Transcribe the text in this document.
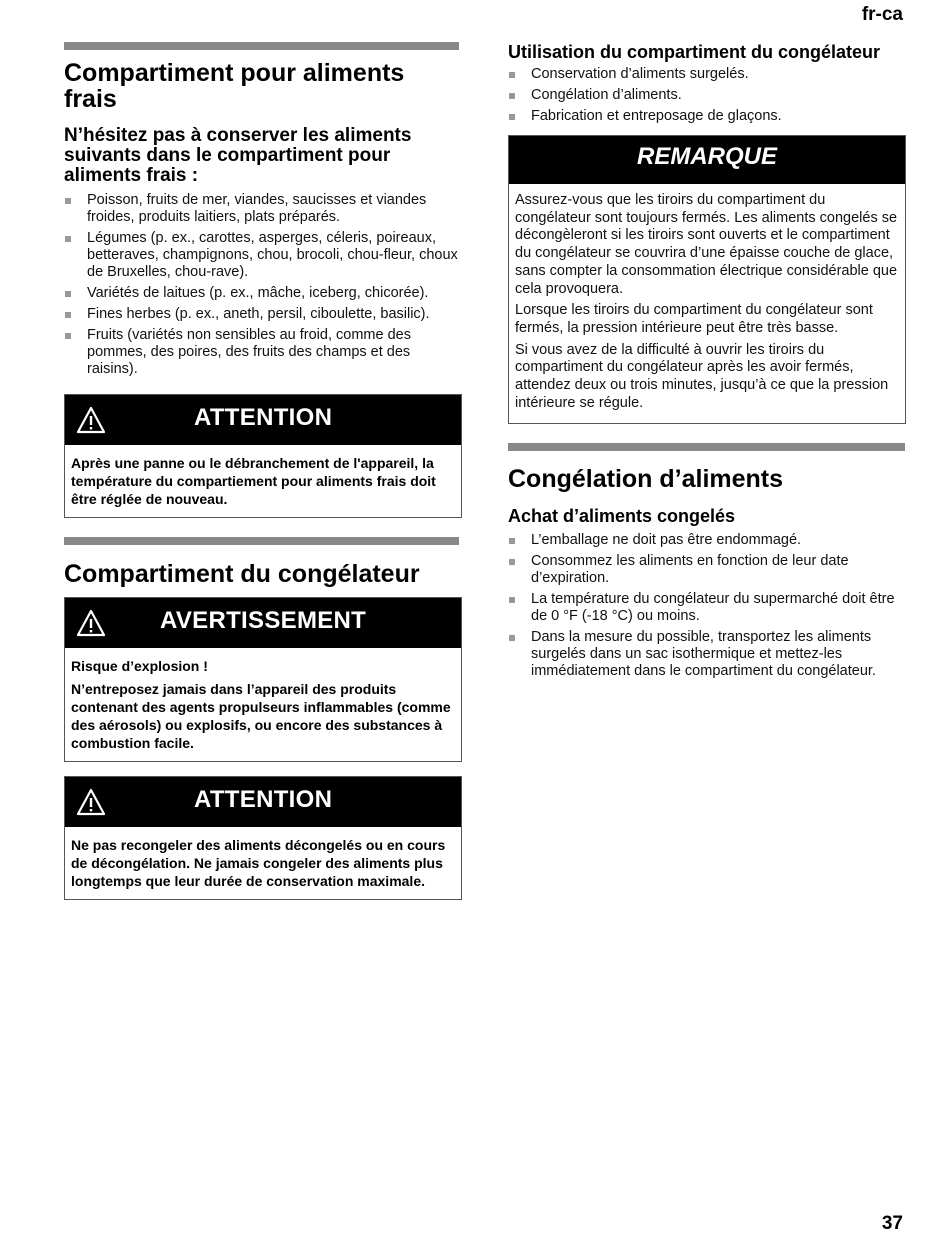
fr-ca
Compartiment pour aliments frais
N’hésitez pas à conserver les aliments suivants dans le compartiment pour aliments frais :
Poisson, fruits de mer, viandes, saucisses et viandes froides, produits laitiers, plats préparés.
Légumes (p. ex., carottes, asperges, céleris, poireaux, betteraves, champignons, chou, brocoli, chou-fleur, choux de Bruxelles, chou-rave).
Variétés de laitues (p. ex., mâche, iceberg, chicorée).
Fines herbes (p. ex., aneth, persil, ciboulette, basilic).
Fruits (variétés non sensibles au froid, comme des pommes, des poires, des fruits des champs et des raisins).
ATTENTION

Après une panne ou le débranchement de l'appareil, la température du compartiement pour aliments frais doit être réglée de nouveau.

Compartiment du congélateur
AVERTISSEMENT

Risque d’explosion !

N’entreposez jamais dans l’appareil des produits contenant des agents propulseurs inflammables (comme des aérosols) ou explosifs, ou encore des substances à combustion facile.

ATTENTION

Ne pas recongeler des aliments décongelés ou en cours de décongélation. Ne jamais congeler des aliments plus longtemps que leur durée de conservation maximale.

Utilisation du compartiment du congélateur
Conservation d’aliments surgelés.
Congélation d’aliments.
Fabrication et entreposage de glaçons.
REMARQUE

Assurez-vous que les tiroirs du compartiment du congélateur sont toujours fermés. Les aliments congelés se décongèleront si les tiroirs sont ouverts et le compartiment du congélateur se couvrira d’une épaisse couche de glace, sans compter la consommation électrique considérable que cela provoquera.

Lorsque les tiroirs du compartiment du congélateur sont fermés, la pression intérieure peut être très basse.

Si vous avez de la difficulté à ouvrir les tiroirs du compartiment du congélateur après les avoir fermés, attendez deux ou trois minutes, jusqu’à ce que la pression intérieure se régule.

Congélation d’aliments
Achat d’aliments congelés
L’emballage ne doit pas être endommagé.
Consommez les aliments en fonction de leur date d’expiration.
La température du congélateur du supermarché doit être de 0 °F (-18 °C) ou moins.
Dans la mesure du possible, transportez les aliments surgelés dans un sac isothermique et mettez-les immédiatement dans le compartiment du congélateur.
37
